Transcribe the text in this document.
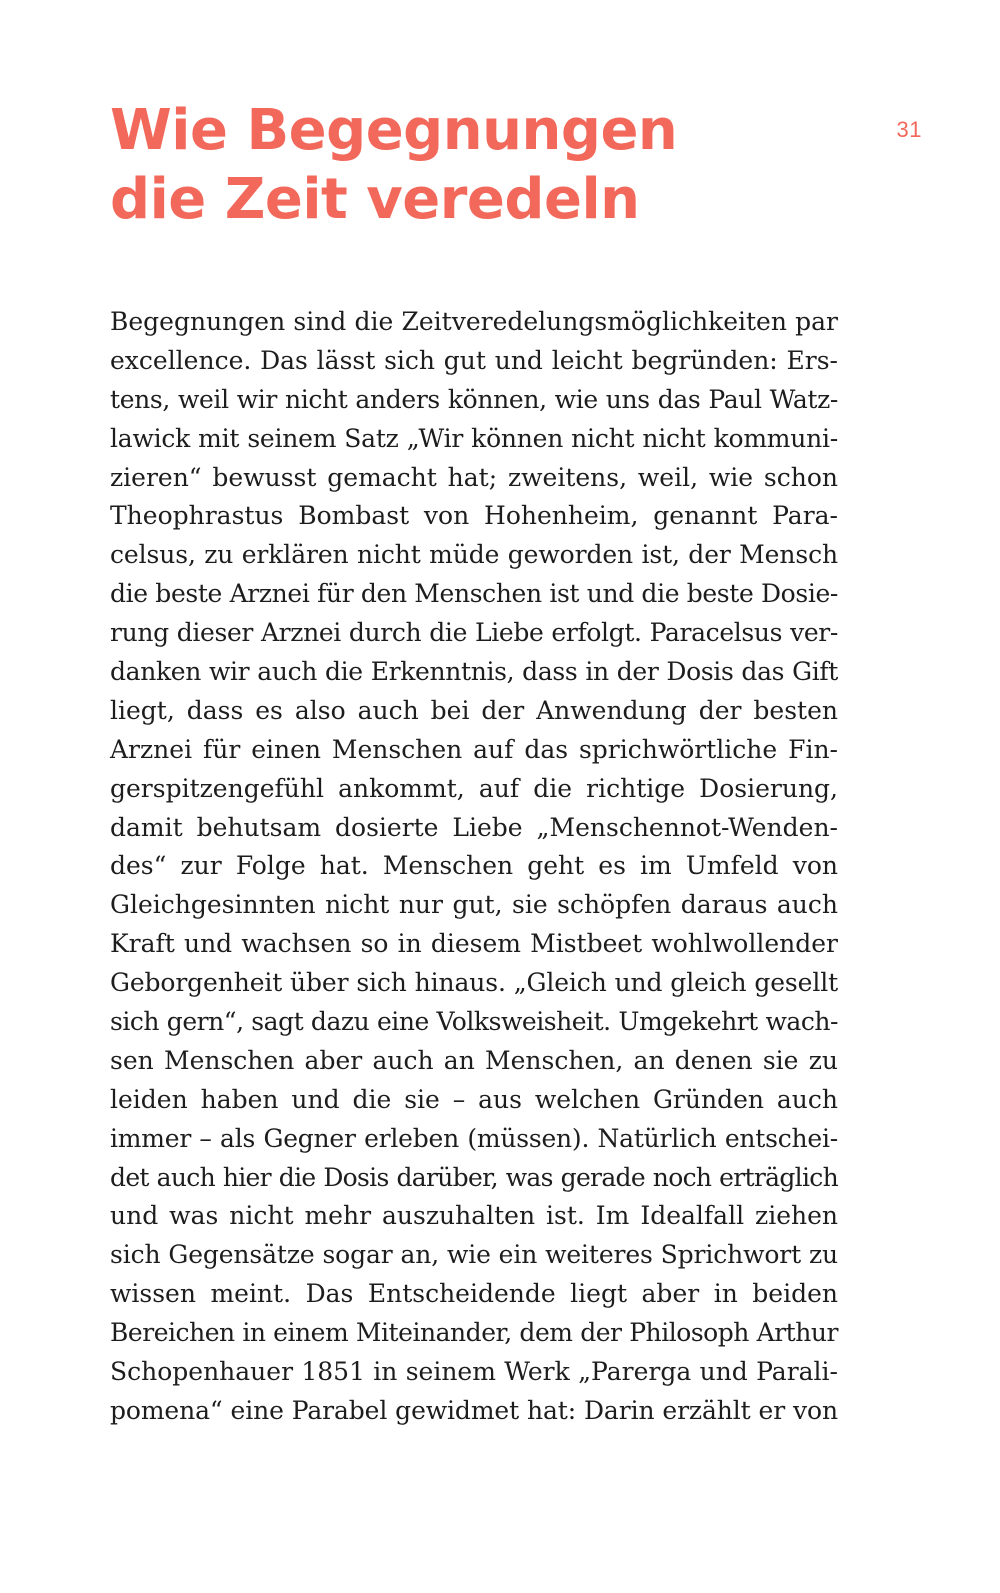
31
Wie Begegnungen
die Zeit veredeln
Begegnungen sind die Zeitveredelungsmöglichkeiten par
excellence. Das lässt sich gut und leicht begründen: Ers-
tens, weil wir nicht anders können, wie uns das Paul Watz-
lawick mit seinem Satz „Wir können nicht nicht kommuni-
zieren“ bewusst gemacht hat; zweitens, weil, wie schon
Theophrastus Bombast von Hohenheim, genannt Para-
celsus, zu erklären nicht müde geworden ist, der Mensch
die beste Arznei für den Menschen ist und die beste Dosie-
rung dieser Arznei durch die Liebe erfolgt. Paracelsus ver-
danken wir auch die Erkenntnis, dass in der Dosis das Gift
liegt, dass es also auch bei der Anwendung der besten
Arznei für einen Menschen auf das sprichwörtliche Fin-
gerspitzengefühl ankommt, auf die richtige Dosierung,
damit behutsam dosierte Liebe „Menschennot-Wenden-
des“ zur Folge hat. Menschen geht es im Umfeld von
Gleichgesinnten nicht nur gut, sie schöpfen daraus auch
Kraft und wachsen so in diesem Mistbeet wohlwollender
Geborgenheit über sich hinaus. „Gleich und gleich gesellt
sich gern“, sagt dazu eine Volksweisheit. Umgekehrt wach-
sen Menschen aber auch an Menschen, an denen sie zu
leiden haben und die sie – aus welchen Gründen auch
immer – als Gegner erleben (müssen). Natürlich entschei-
det auch hier die Dosis darüber, was gerade noch erträglich
und was nicht mehr auszuhalten ist. Im Idealfall ziehen
sich Gegensätze sogar an, wie ein weiteres Sprichwort zu
wissen meint. Das Entscheidende liegt aber in beiden
Bereichen in einem Miteinander, dem der Philosoph Arthur
Schopenhauer 1851 in seinem Werk „Parerga und Parali-
pomena“ eine Parabel gewidmet hat: Darin erzählt er von
